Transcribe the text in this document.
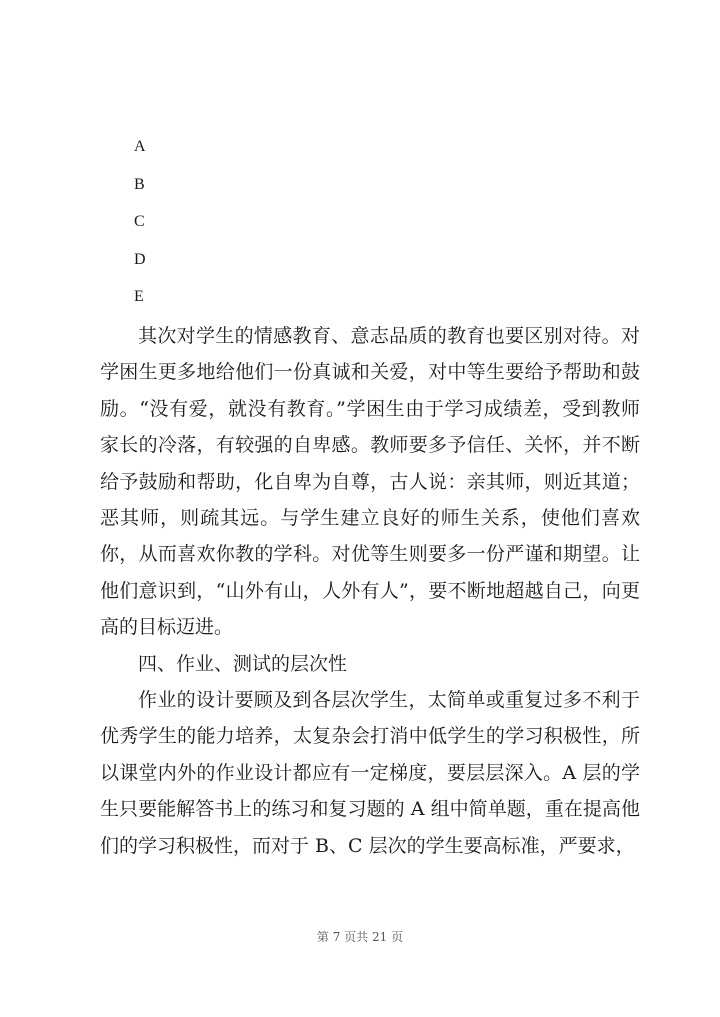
A
B
C
D
E

其次对学生的情感教育、意志品质的教育也要区别对待。对学困生更多地给他们一份真诚和关爱，对中等生要给予帮助和鼓励。“没有爱，就没有教育。”学困生由于学习成绩差，受到教师家长的冷落，有较强的自卑感。教师要多予信任、关怀，并不断给予鼓励和帮助，化自卑为自尊，古人说：亲其师，则近其道；恶其师，则疏其远。与学生建立良好的师生关系，使他们喜欢你，从而喜欢你教的学科。对优等生则要多一份严谨和期望。让他们意识到，“山外有山，人外有人”，要不断地超越自己，向更高的目标迈进。

四、作业、测试的层次性

作业的设计要顾及到各层次学生，太简单或重复过多不利于优秀学生的能力培养，太复杂会打消中低学生的学习积极性，所以课堂内外的作业设计都应有一定梯度，要层层深入。A 层的学生只要能解答书上的练习和复习题的 A 组中简单题，重在提高他们的学习积极性，而对于 B、C 层次的学生要高标准，严要求，

第 7 页共 21 页
